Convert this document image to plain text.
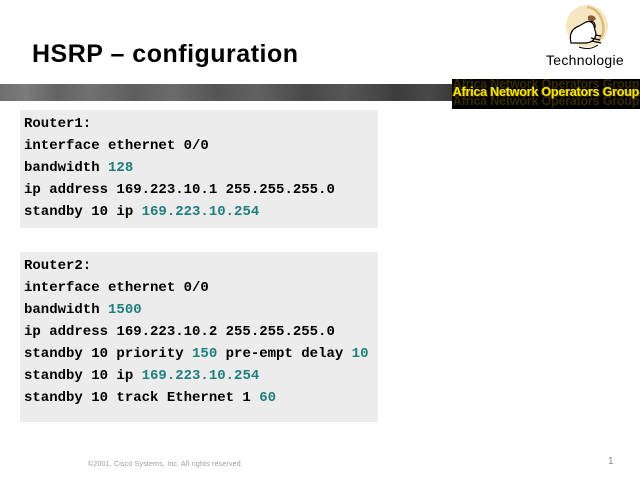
HSRP – configuration	Technologie
Africa Network Operators Group
Router1:
interface ethernet 0/0
bandwidth 128
ip address 169.223.10.1 255.255.255.0
standby 10 ip 169.223.10.254
Router2:
interface ethernet 0/0
bandwidth 1500
ip address 169.223.10.2 255.255.255.0
standby 10 priority 150 pre-empt delay 10
standby 10 ip 169.223.10.254
standby 10 track Ethernet 1 60
©2001, Cisco Systems, Inc. All rights reserved.	1
